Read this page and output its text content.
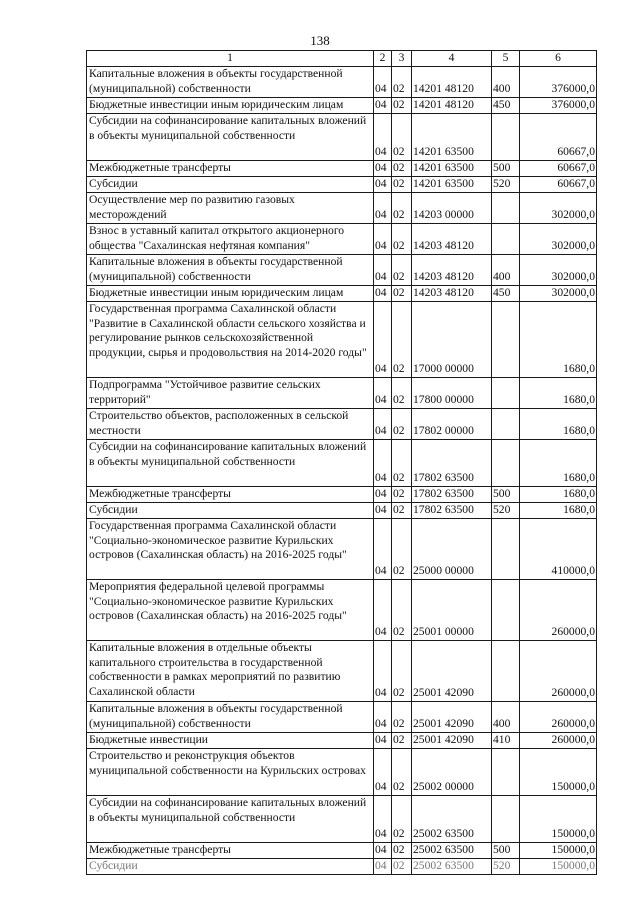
138
1	2	3	4	5	6

Капитальные вложения в объекты государственной (муниципальной) собственности	04	02	14201 48120	400	376000,0

Бюджетные инвестиции иным юридическим лицам	04	02	14201 48120	450	376000,0

Субсидии на софинансирование капитальных вложений в объекты муниципальной собственности	04	02	14201 63500		60667,0

Межбюджетные трансферты	04	02	14201 63500	500	60667,0

Субсидии	04	02	14201 63500	520	60667,0

Осуществление мер по развитию газовых месторождений	04	02	14203 00000		302000,0

Взнос в уставный капитал открытого акционерного общества "Сахалинская нефтяная компания"	04	02	14203 48120		302000,0

Капитальные вложения в объекты государственной (муниципальной) собственности	04	02	14203 48120	400	302000,0

Бюджетные инвестиции иным юридическим лицам	04	02	14203 48120	450	302000,0

Государственная программа Сахалинской области "Развитие в Сахалинской области сельского хозяйства и регулирование рынков сельскохозяйственной продукции, сырья и продовольствия на 2014-2020 годы"	04	02	17000 00000		1680,0

Подпрограмма "Устойчивое развитие сельских территорий"	04	02	17800 00000		1680,0

Строительство объектов, расположенных в сельской местности	04	02	17802 00000		1680,0

Субсидии на софинансирование капитальных вложений в объекты муниципальной собственности	04	02	17802 63500		1680,0

Межбюджетные трансферты	04	02	17802 63500	500	1680,0

Субсидии	04	02	17802 63500	520	1680,0

Государственная программа Сахалинской области "Социально-экономическое развитие Курильских островов (Сахалинская область) на 2016-2025 годы"	04	02	25000 00000		410000,0

Мероприятия федеральной целевой программы "Социально-экономическое развитие Курильских островов (Сахалинская область) на 2016-2025 годы"	04	02	25001 00000		260000,0

Капитальные вложения в отдельные объекты капитального строительства в государственной собственности в рамках мероприятий по развитию Сахалинской области	04	02	25001 42090		260000,0

Капитальные вложения в объекты государственной (муниципальной) собственности	04	02	25001 42090	400	260000,0

Бюджетные инвестиции	04	02	25001 42090	410	260000,0

Строительство и реконструкция объектов муниципальной собственности на Курильских островах	04	02	25002 00000		150000,0

Субсидии на софинансирование капитальных вложений в объекты муниципальной собственности	04	02	25002 63500		150000,0

Межбюджетные трансферты	04	02	25002 63500	500	150000,0

Субсидии	04	02	25002 63500	520	150000,0
